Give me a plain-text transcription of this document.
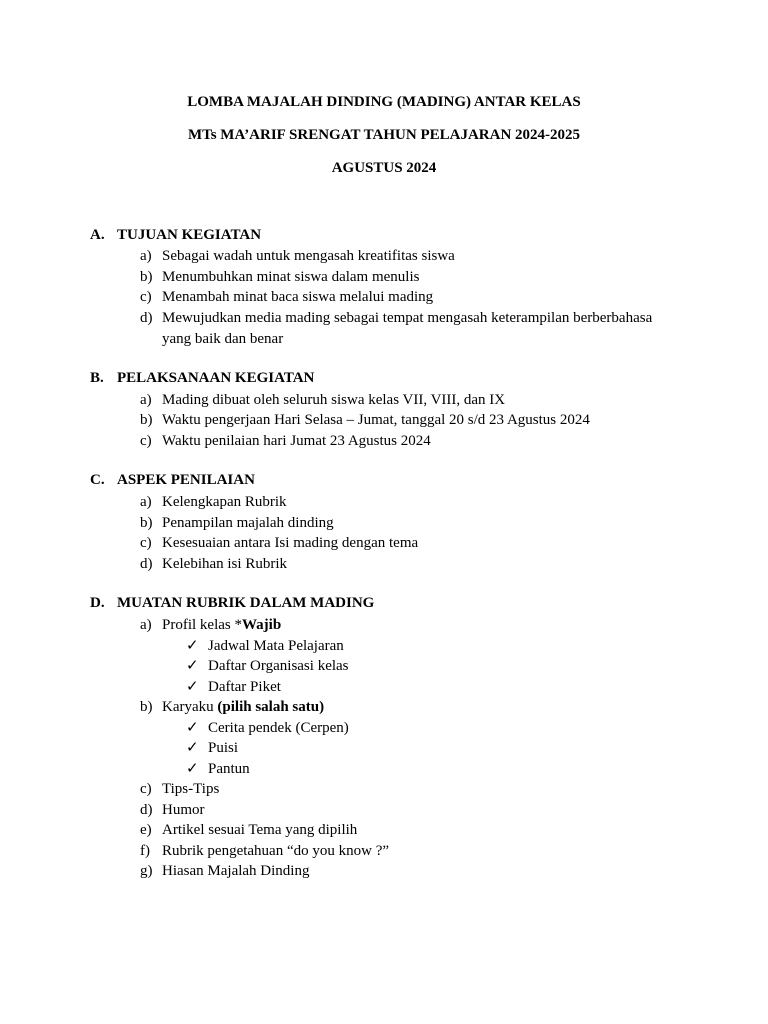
LOMBA MAJALAH DINDING (MADING) ANTAR KELAS
MTs MA’ARIF SRENGAT TAHUN PELAJARAN 2024-2025
AGUSTUS 2024
A. TUJUAN KEGIATAN
a) Sebagai wadah untuk mengasah kreatifitas siswa
b) Menumbuhkan minat siswa dalam menulis
c) Menambah minat baca siswa melalui mading
d) Mewujudkan media mading sebagai tempat mengasah keterampilan berberbahasa
yang baik dan benar
B. PELAKSANAAN KEGIATAN
a) Mading dibuat oleh seluruh siswa kelas VII, VIII, dan IX
b) Waktu pengerjaan Hari Selasa – Jumat, tanggal 20 s/d 23 Agustus 2024
c) Waktu penilaian hari Jumat 23 Agustus 2024
C. ASPEK PENILAIAN
a) Kelengkapan Rubrik
b) Penampilan majalah dinding
c) Kesesuaian antara Isi mading dengan tema
d) Kelebihan isi Rubrik
D. MUATAN RUBRIK DALAM MADING
a) Profil kelas *Wajib
✓ Jadwal Mata Pelajaran
✓ Daftar Organisasi kelas
✓ Daftar Piket
b) Karyaku (pilih salah satu)
✓ Cerita pendek (Cerpen)
✓ Puisi
✓ Pantun
c) Tips-Tips
d) Humor
e) Artikel sesuai Tema yang dipilih
f) Rubrik pengetahuan “do you know ?”
g) Hiasan Majalah Dinding
